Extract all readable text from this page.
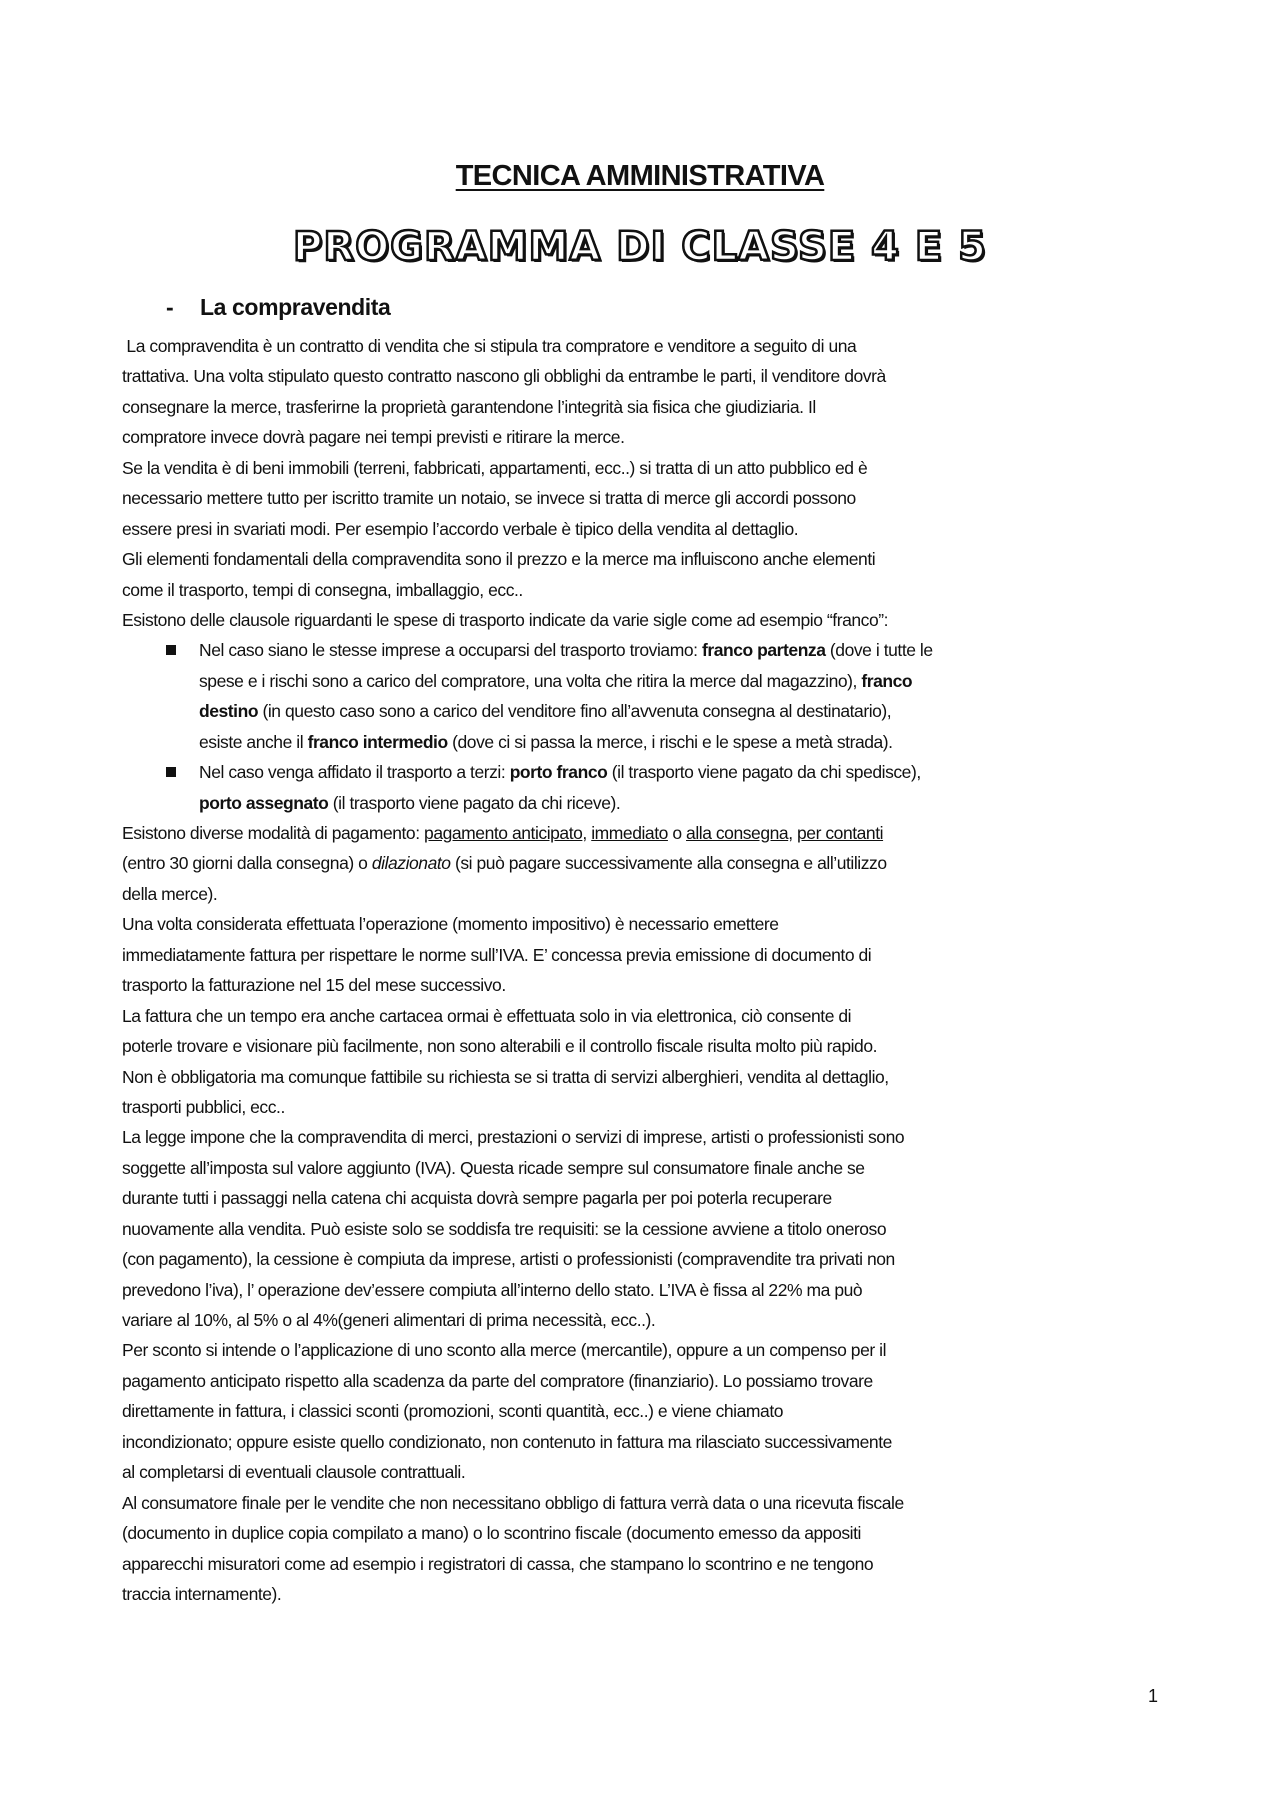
TECNICA AMMINISTRATIVA
PROGRAMMA DI CLASSE 4 E 5
- La compravendita
La compravendita è un contratto di vendita che si stipula tra compratore e venditore a seguito di una
trattativa. Una volta stipulato questo contratto nascono gli obblighi da entrambe le parti, il venditore dovrà
consegnare la merce, trasferirne la proprietà garantendone l’integrità sia fisica che giudiziaria. Il
compratore invece dovrà pagare nei tempi previsti e ritirare la merce.
Se la vendita è di beni immobili (terreni, fabbricati, appartamenti, ecc..) si tratta di un atto pubblico ed è
necessario mettere tutto per iscritto tramite un notaio, se invece si tratta di merce gli accordi possono
essere presi in svariati modi. Per esempio l’accordo verbale è tipico della vendita al dettaglio.
Gli elementi fondamentali della compravendita sono il prezzo e la merce ma influiscono anche elementi
come il trasporto, tempi di consegna, imballaggio, ecc..
Esistono delle clausole riguardanti le spese di trasporto indicate da varie sigle come ad esempio “franco”:
Nel caso siano le stesse imprese a occuparsi del trasporto troviamo: franco partenza (dove i tutte le
spese e i rischi sono a carico del compratore, una volta che ritira la merce dal magazzino), franco
destino (in questo caso sono a carico del venditore fino all’avvenuta consegna al destinatario),
esiste anche il franco intermedio (dove ci si passa la merce, i rischi e le spese a metà strada).
Nel caso venga affidato il trasporto a terzi: porto franco (il trasporto viene pagato da chi spedisce),
porto assegnato (il trasporto viene pagato da chi riceve).
Esistono diverse modalità di pagamento: pagamento anticipato, immediato o alla consegna, per contanti
(entro 30 giorni dalla consegna) o dilazionato (si può pagare successivamente alla consegna e all’utilizzo
della merce).
Una volta considerata effettuata l’operazione (momento impositivo) è necessario emettere
immediatamente fattura per rispettare le norme sull’IVA. E’ concessa previa emissione di documento di
trasporto la fatturazione nel 15 del mese successivo.
La fattura che un tempo era anche cartacea ormai è effettuata solo in via elettronica, ciò consente di
poterle trovare e visionare più facilmente, non sono alterabili e il controllo fiscale risulta molto più rapido.
Non è obbligatoria ma comunque fattibile su richiesta se si tratta di servizi alberghieri, vendita al dettaglio,
trasporti pubblici, ecc..
La legge impone che la compravendita di merci, prestazioni o servizi di imprese, artisti o professionisti sono
soggette all’imposta sul valore aggiunto (IVA). Questa ricade sempre sul consumatore finale anche se
durante tutti i passaggi nella catena chi acquista dovrà sempre pagarla per poi poterla recuperare
nuovamente alla vendita. Può esiste solo se soddisfa tre requisiti: se la cessione avviene a titolo oneroso
(con pagamento), la cessione è compiuta da imprese, artisti o professionisti (compravendite tra privati non
prevedono l’iva), l’ operazione dev’essere compiuta all’interno dello stato. L’IVA è fissa al 22% ma può
variare al 10%, al 5% o al 4%(generi alimentari di prima necessità, ecc..).
Per sconto si intende o l’applicazione di uno sconto alla merce (mercantile), oppure a un compenso per il
pagamento anticipato rispetto alla scadenza da parte del compratore (finanziario). Lo possiamo trovare
direttamente in fattura, i classici sconti (promozioni, sconti quantità, ecc..) e viene chiamato
incondizionato; oppure esiste quello condizionato, non contenuto in fattura ma rilasciato successivamente
al completarsi di eventuali clausole contrattuali.
Al consumatore finale per le vendite che non necessitano obbligo di fattura verrà data o una ricevuta fiscale
(documento in duplice copia compilato a mano) o lo scontrino fiscale (documento emesso da appositi
apparecchi misuratori come ad esempio i registratori di cassa, che stampano lo scontrino e ne tengono
traccia internamente).
1
